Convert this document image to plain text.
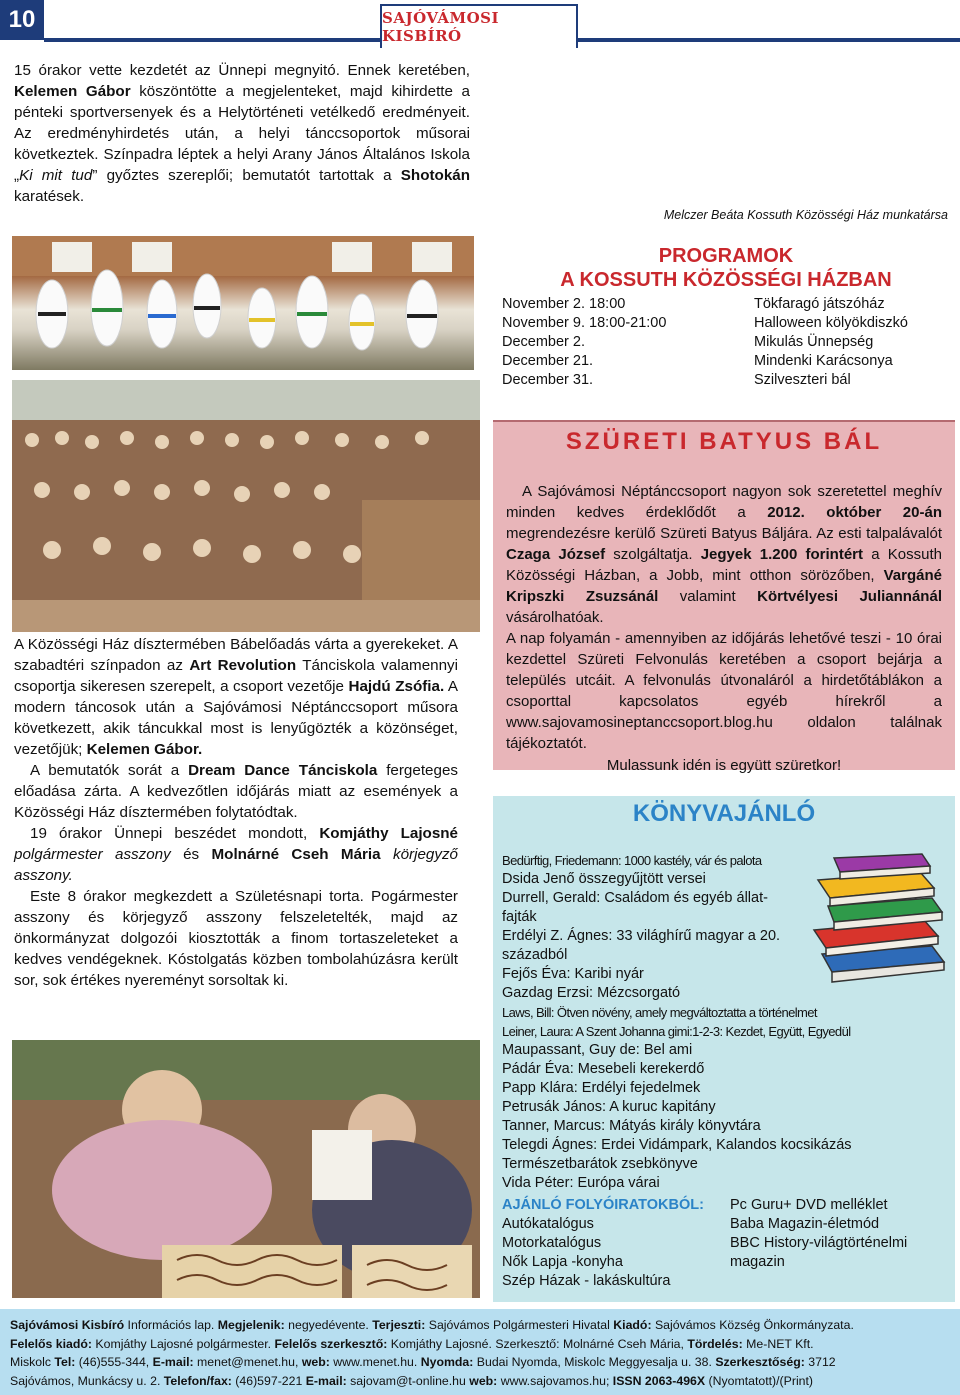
10	SAJÓVÁMOSI KISBÍRÓ

15 órakor vette kezdetét az Ünnepi megnyitó. Ennek keretében, Kelemen Gábor köszöntötte a megjelenteket, majd kihirdette a pénteki sportversenyek és a Helytörténeti vetélkedő eredményeit. Az eredményhirdetés után, a helyi tánccsoportok műsorai következtek. Színpadra léptek a helyi Arany János Általános Iskola „Ki mit tud” győztes szereplői; bemutatót tartottak a Shotokán karatések.

A Közösségi Ház dísztermében Bábelőadás várta a gyerekeket. A szabadtéri színpadon az Art Revolution Tánciskola valamennyi csoportja sikeresen szerepelt, a csoport vezetője Hajdú Zsófia. A modern táncosok után a Sajóvámosi Néptánccsoport műsora következett, akik táncukkal most is lenyűgözték a közönséget, vezetőjük; Kelemen Gábor.

A bemutatók sorát a Dream Dance Tánciskola fergeteges előadása zárta. A kedvezőtlen időjárás miatt az események a Közösségi Ház dísztermében folytatódtak.

19 órakor Ünnepi beszédet mondott, Komjáthy Lajosné polgármester asszony és Molnárné Cseh Mária körjegyző asszony.

Este 8 órakor megkezdett a Születésnapi torta. Pogármester asszony és körjegyző asszony felszeletelték, majd az önkormányzat dolgozói kiosztották a finom tortaszeleteket a kedves vendégeknek. Kóstolgatás közben tombolahúzásra került sor, sok értékes nyereményt sorsoltak ki.

Melczer Beáta Kossuth Közösségi Ház munkatársa
PROGRAMOK
A KOSSUTH KÖZÖSSÉGI HÁZBAN
November 2. 18:00	Tökfaragó játszóház
November 9. 18:00-21:00	Halloween kölyökdiszkó
December 2.	Mikulás Ünnepség
December 21.	Mindenki Karácsonya
December 31.	Szilveszteri bál
SZÜRETI BATYUS BÁL

A Sajóvámosi Néptánccsoport nagyon sok szeretettel meghív minden kedves érdeklődőt a 2012. október 20-án megrendezésre kerülő Szüreti Batyus Báljára. Az esti talpalávalót Czaga József szolgáltatja. Jegyek 1.200 forintért a Kossuth Közösségi Házban, a Jobb, mint otthon sörözőben, Vargáné Kripszki Zsuzsánál valamint Körtvélyesi Juliannánál vásárolhatóak.

A nap folyamán - amennyiben az időjárás lehetővé teszi - 10 órai kezdettel Szüreti Felvonulás keretében a csoport bejárja a település utcáit. A felvonulás útvonaláról a hirdetőtáblákon a csoporttal kapcsolatos egyéb hírekről a www.sajovamosineptanccsoport.blog.hu oldalon találnak tájékoztatót.

Mulassunk idén is együtt szüretkor!
KÖNYVAJÁNLÓ
Bedürftig, Friedemann: 1000 kastély, vár és palota
Dsida Jenő összegyűjtött versei
Durrell, Gerald: Családom és egyéb állat-
fajták
Erdélyi Z. Ágnes: 33 világhírű magyar a 20.
századból
Fejős Éva: Karibi nyár
Gazdag Erzsi: Mézcsorgató
Laws, Bill: Ötven növény, amely megváltoztatta a történelmet
Leiner, Laura: A Szent Johanna gimi:1-2-3: Kezdet, Együtt, Egyedül
Maupassant, Guy de: Bel ami
Pádár Éva: Mesebeli kerekerdő
Papp Klára: Erdélyi fejedelmek
Petrusák János: A kuruc kapitány
Tanner, Marcus: Mátyás király könyvtára
Telegdi Ágnes: Erdei Vidámpark, Kalandos kocsikázás
Természetbarátok zsebkönyve
Vida Péter: Európa várai
AJÁNLÓ FOLYÓIRATOKBÓL:
Autókatalógus
Motorkatalógus
Nők Lapja -konyha
Szép Házak - lakáskultúra
Pc Guru+ DVD melléklet
Baba Magazin-életmód
BBC History-világtörténelmi
magazin
Sajóvámosi Kisbíró Információs lap. Megjelenik: negyedévente. Terjeszti: Sajóvámos Polgármesteri Hivatal Kiadó: Sajóvámos Község Önkormányzata.
Felelős kiadó: Komjáthy Lajosné polgármester. Felelős szerkesztő: Komjáthy Lajosné. Szerkesztő: Molnárné Cseh Mária, Tördelés: Me-NET Kft.
Miskolc Tel: (46)555-344, E-mail: menet@menet.hu, web: www.menet.hu. Nyomda: Budai Nyomda, Miskolc Meggyesalja u. 38. Szerkesztőség: 3712
Sajóvámos, Munkácsy u. 2. Telefon/fax: (46)597-221 E-mail: sajovam@t-online.hu web: www.sajovamos.hu; ISSN 2063-496X (Nyomtatott)/(Print)
